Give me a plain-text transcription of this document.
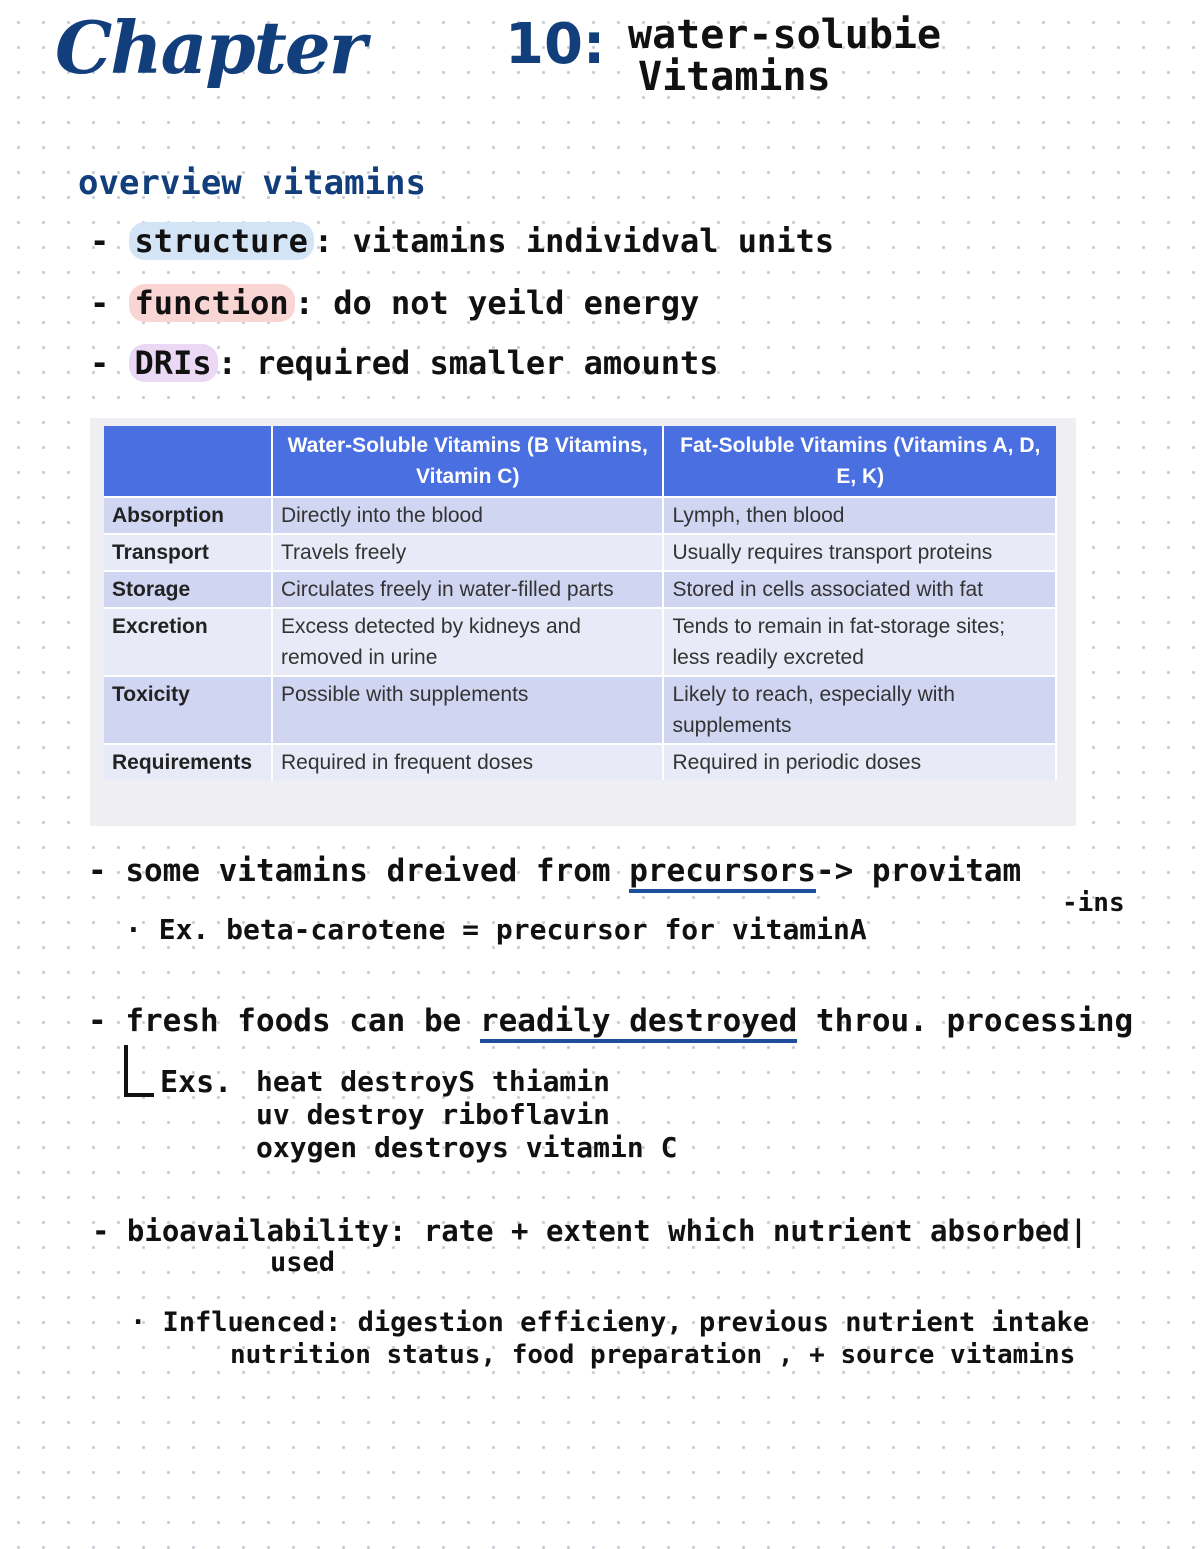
Chapter	10: water-solubie
Vitamins
overview vitamins
- structure : vitamins individval units
- function : do not yeild energy
- DRIs : required smaller amounts
	Water-Soluble Vitamins (B Vitamins, Vitamin C)	Fat-Soluble Vitamins (Vitamins A, D, E, K)
Absorption	Directly into the blood	Lymph, then blood
Transport	Travels freely	Usually requires transport proteins
Storage	Circulates freely in water-filled parts	Stored in cells associated with fat
Excretion	Excess detected by kidneys and removed in urine	Tends to remain in fat-storage sites; less readily excreted
Toxicity	Possible with supplements	Likely to reach, especially with supplements
Requirements	Required in frequent doses	Required in periodic doses
- some vitamins dreived from precursors-> provitam
-ins
· Ex. beta-carotene = precursor for vitaminA
- fresh foods can be readily destroyed throu. processing
Exs. heat destroyS thiamin
uv destroy riboflavin
oxygen destroys vitamin C
- bioavailability: rate + extent which nutrient absorbed|
used
· Influenced: digestion efficieny, previous nutrient intake
nutrition status, food preparation , + source vitamins
